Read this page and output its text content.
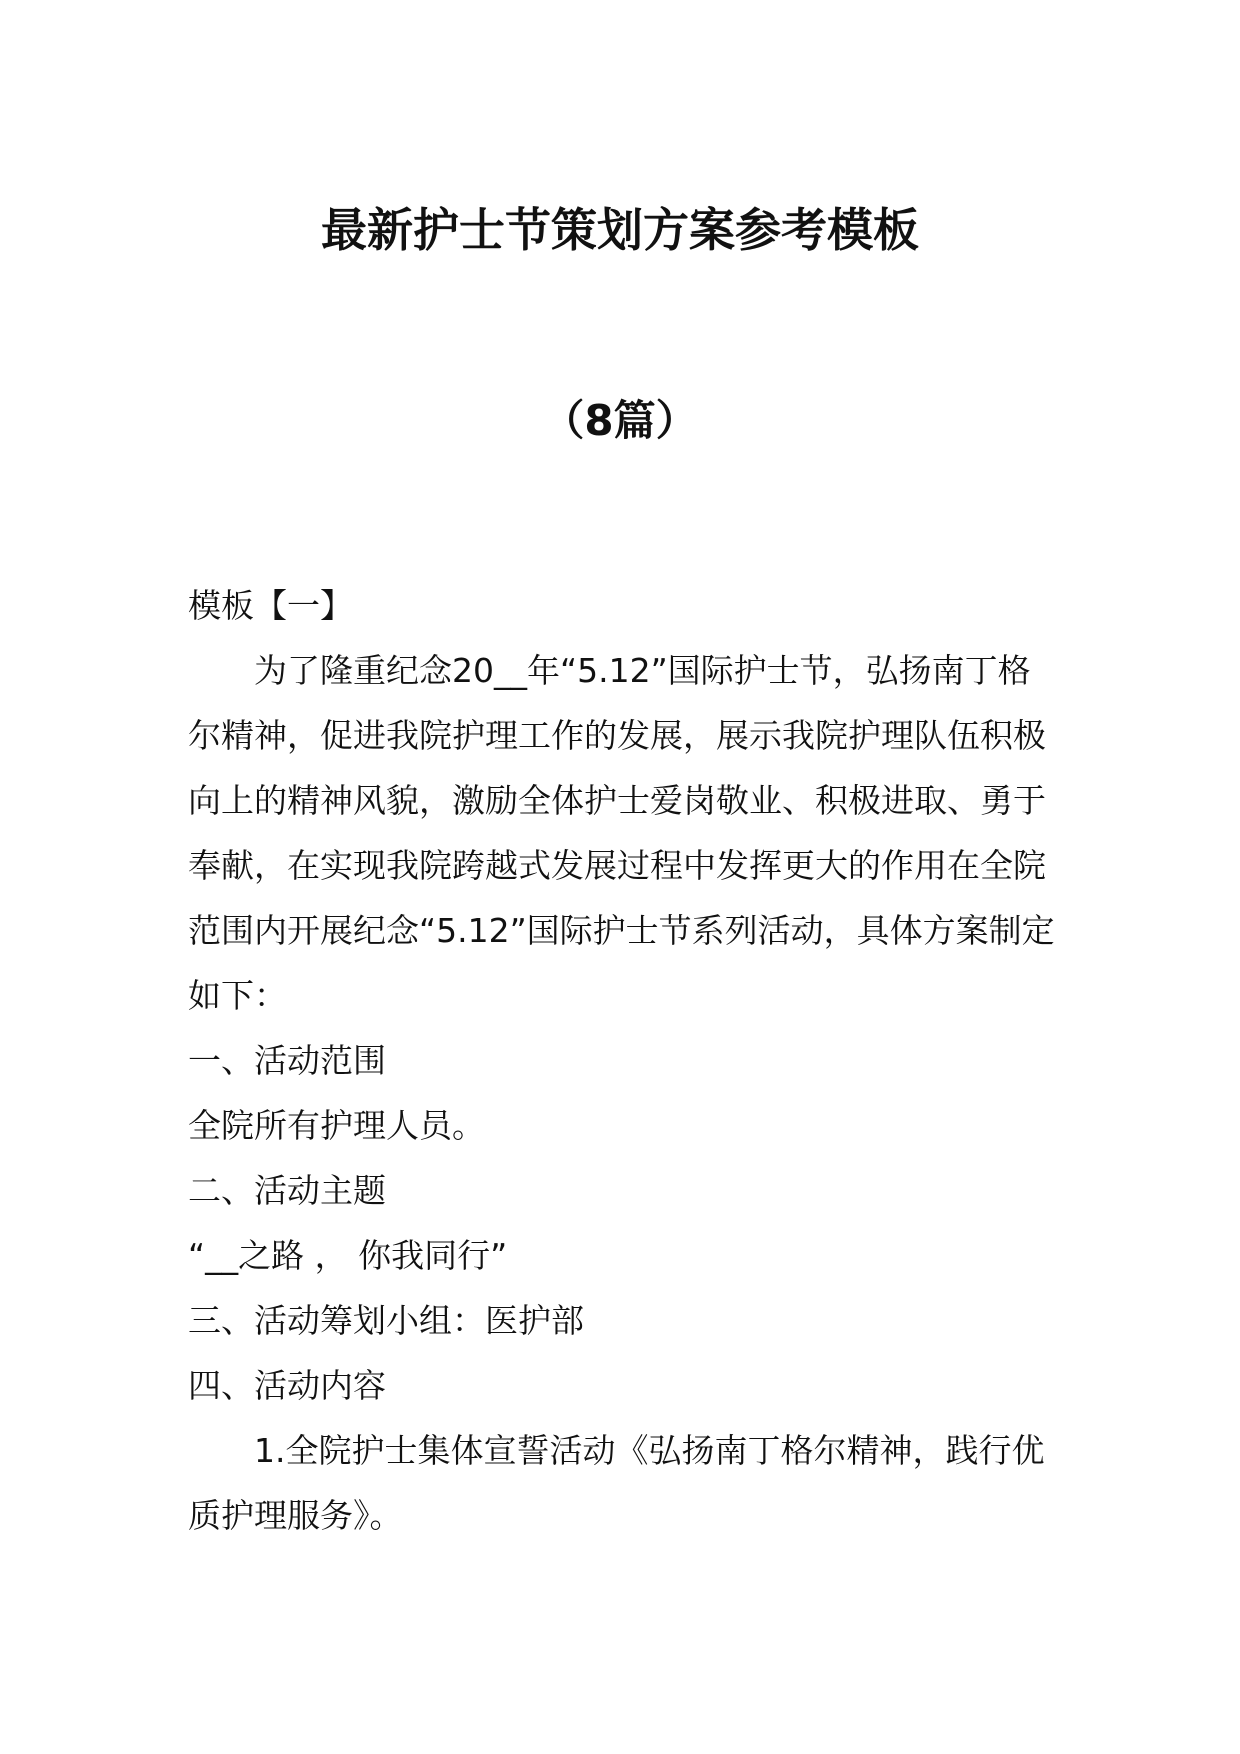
最新护士节策划方案参考模板
（8篇）

模板【一】

为了隆重纪念20__年“5.12”国际护士节，弘扬南丁格尔精神，促进我院护理工作的发展，展示我院护理队伍积极向上的精神风貌，激励全体护士爱岗敬业、积极进取、勇于奉献，在实现我院跨越式发展过程中发挥更大的作用在全院范围内开展纪念“5.12”国际护士节系列活动，具体方案制定如下：

一、活动范围

全院所有护理人员。

二、活动主题

“__之路 ， 你我同行”

三、活动筹划小组：医护部

四、活动内容

1.全院护士集体宣誓活动《弘扬南丁格尔精神，践行优质护理服务》。
